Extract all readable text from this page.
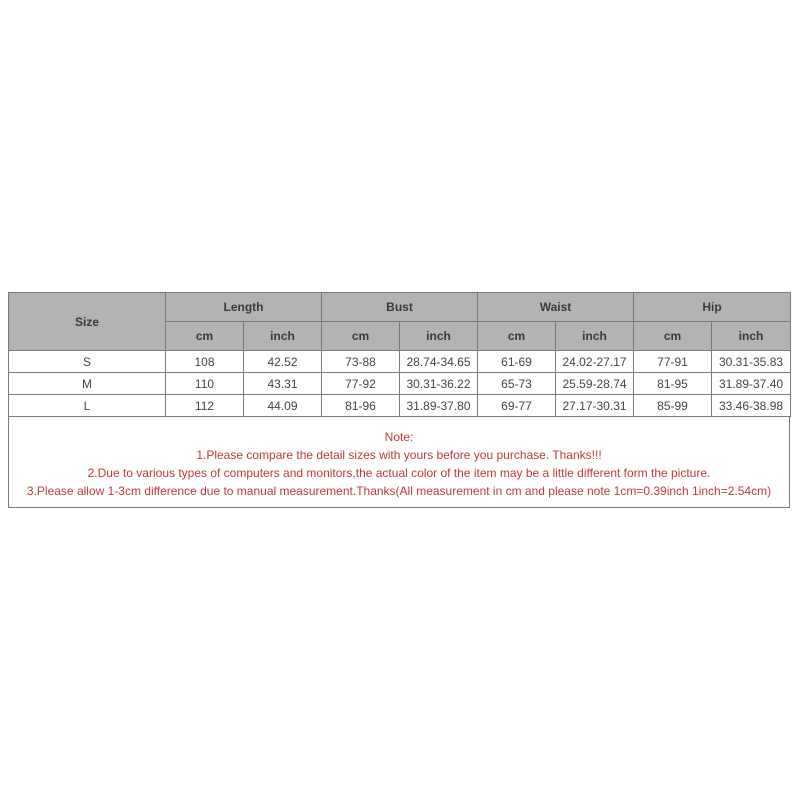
Size	Length		Bust		Waist		Hip	
	cm	inch	cm	inch	cm	inch	cm	inch
S	108	42.52	73-88	28.74-34.65	61-69	24.02-27.17	77-91	30.31-35.83
M	110	43.31	77-92	30.31-36.22	65-73	25.59-28.74	81-95	31.89-37.40
L	112	44.09	81-96	31.89-37.80	69-77	27.17-30.31	85-99	33.46-38.98
Note:
1.Please compare the detail sizes with yours before you purchase. Thanks!!!
2.Due to various types of computers and monitors,the actual color of the item may be a little different form the picture.
3.Please allow 1-3cm difference due to manual measurement.Thanks(All measurement in cm and please note 1cm=0.39inch 1inch=2.54cm)
